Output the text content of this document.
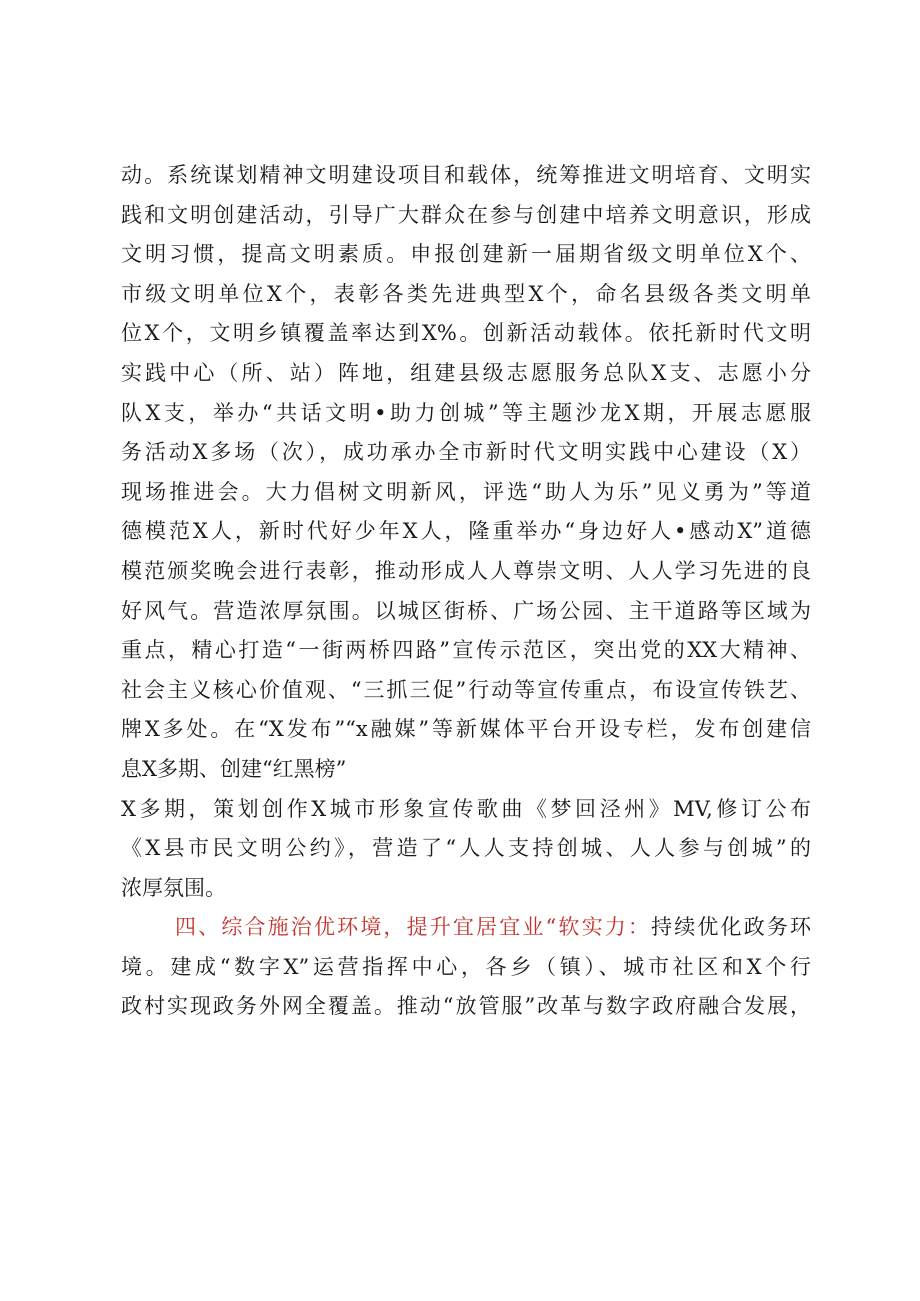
动。系统谋划精神文明建设项目和载体，统筹推进文明培育、文明实
践和文明创建活动，引导广大群众在参与创建中培养文明意识，形成
文明习惯，提高文明素质。申报创建新一届期省级文明单位X个、
市级文明单位X个，表彰各类先进典型X个，命名县级各类文明单
位X个，文明乡镇覆盖率达到X%。创新活动载体。依托新时代文明
实践中心（所、站）阵地，组建县级志愿服务总队X支、志愿小分
队X支，举办“共话文明•助力创城”等主题沙龙X期，开展志愿服
务活动X多场（次），成功承办全市新时代文明实践中心建设（X）
现场推进会。大力倡树文明新风，评选“助人为乐”见义勇为”等道
德模范X人，新时代好少年X人，隆重举办“身边好人•感动X”道德
模范颁奖晚会进行表彰，推动形成人人尊崇文明、人人学习先进的良
好风气。营造浓厚氛围。以城区街桥、广场公园、主干道路等区域为
重点，精心打造“一街两桥四路”宣传示范区，突出党的XX大精神、
社会主义核心价值观、“三抓三促”行动等宣传重点，布设宣传铁艺、
牌X多处。在“X发布”“x融媒”等新媒体平台开设专栏，发布创建信
息X多期、创建“红黑榜”
X多期，策划创作X城市形象宣传歌曲《梦回泾州》MV,修订公布
《X县市民文明公约》，营造了“人人支持创城、人人参与创城”的
浓厚氛围。
四、综合施治优环境，提升宜居宜业“软实力：持续优化政务环
境。建成“数字X”运营指挥中心，各乡（镇）、城市社区和X个行
政村实现政务外网全覆盖。推动“放管服”改革与数字政府融合发展，
